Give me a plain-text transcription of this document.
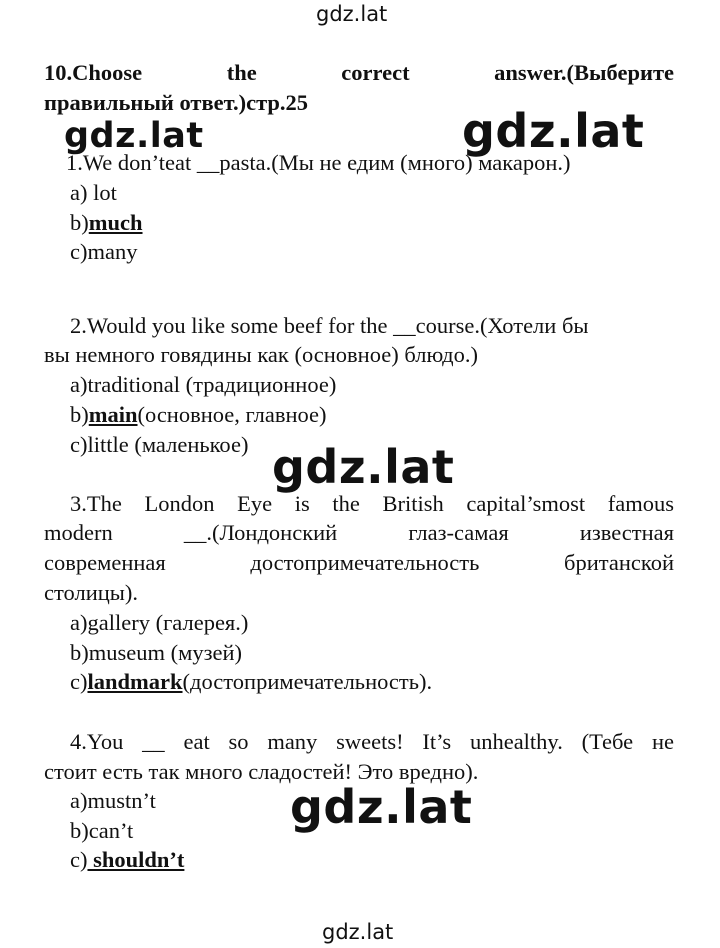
gdz.lat
gdz.lat	gdz.lat
gdz.lat
gdz.lat
gdz.lat
10.Choose the correct answer.(Выберите
правильный ответ.)стр.25
1.We don’teat __pasta.(Мы не едим (много) макарон.)
a) lot
b)much
c)many
2.Would you like some beef for the __course.(Хотели бы
вы немного говядины как (основное) блюдо.)
a)traditional (традиционное)
b)main(основное, главное)
c)little (маленькое)
3.The London Eye is the British capital’smost famous
modern __.(Лондонский глаз-самая известная
современная достопримечательность британской
столицы).
a)gallery (галерея.)
b)museum (музей)
c)landmark(достопримечательность).
4.You __ eat so many sweets! It’s unhealthy. (Тебе не
стоит есть так много сладостей! Это вредно).
a)mustn’t
b)can’t
c) shouldn’t
